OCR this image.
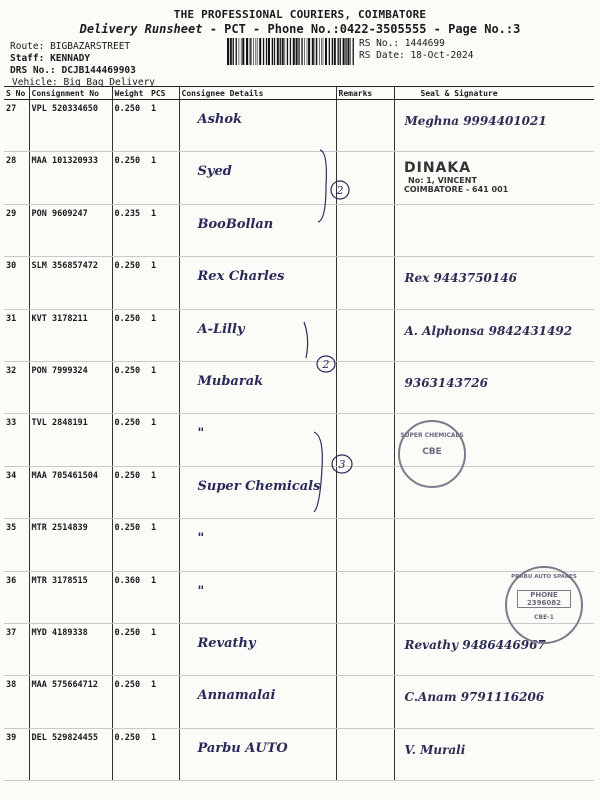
THE PROFESSIONAL COURIERS, COIMBATORE
Delivery Runsheet - PCT - Phone No.:0422-3505555 - Page No.:3
Route: BIGBAZARSTREET
Staff: KENNADY
DRS No.: DCJB144469903
Vehicle: Big Bag Delivery
RS No.: 1444699
RS Date: 18-Oct-2024
S No	Consignment No	Weight	PCS	Consignee Details	Remarks	Seal & Signature
27	VPL 520334650	0.250	1	Ashok		Meghna 9994401021
28	MAA 101320933	0.250	1	Syed		
29	PON 9609247	0.235	1	BooBollan		
30	SLM 356857472	0.250	1	Rex Charles		Rex 9443750146
31	KVT 3178211	0.250	1	A-Lilly		A. Alphonsa 9842431492
32	PON 7999324	0.250	1	Mubarak		9363143726
33	TVL 2848191	0.250	1	"		
34	MAA 705461504	0.250	1	Super Chemicals		
35	MTR 2514839	0.250	1	"		
36	MTR 3178515	0.360	1	"		
37	MYD 4189338	0.250	1	Revathy		Revathy 9486446967
38	MAA 575664712	0.250	1	Annamalai		C.Anam 9791116206
39	DEL 529824455	0.250	1	Parbu AUTO		V. Murali
2
2
3
DINAKA
No: 1, VINCENT
COIMBATORE - 641 001
SUPER CHEMICALS
CBE
PRABU AUTO SPARES
PHONE 2396082
CBE-1
